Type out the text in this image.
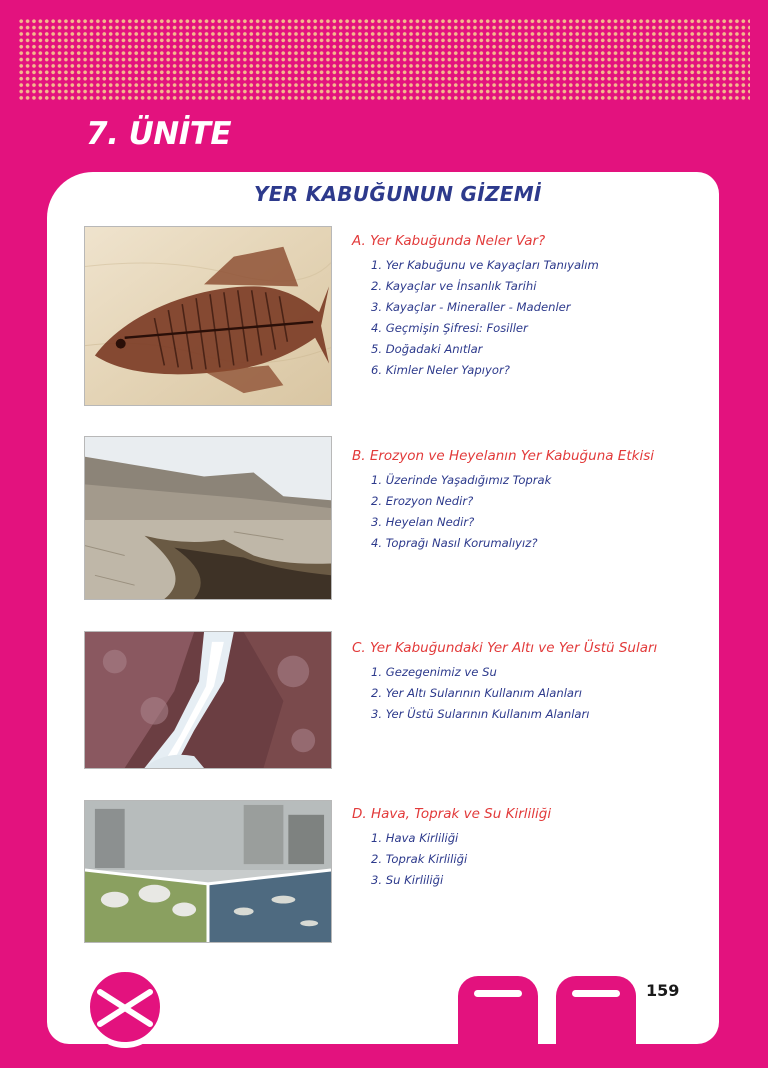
7. ÜNİTE
YER KABUĞUNUN GİZEMİ
A. Yer Kabuğunda Neler Var?
1. Yer Kabuğunu ve Kayaçları Tanıyalım
2. Kayaçlar ve İnsanlık Tarihi
3. Kayaçlar - Mineraller - Madenler
4. Geçmişin Şifresi: Fosiller
5. Doğadaki Anıtlar
6. Kimler Neler Yapıyor?
B. Erozyon ve Heyelanın Yer Kabuğuna Etkisi
1. Üzerinde Yaşadığımız Toprak
2. Erozyon Nedir?
3. Heyelan Nedir?
4. Toprağı Nasıl Korumalıyız?
C. Yer Kabuğundaki Yer Altı ve Yer Üstü Suları
1. Gezegenimiz ve Su
2. Yer Altı Sularının Kullanım Alanları
3. Yer Üstü Sularının Kullanım Alanları
D. Hava, Toprak ve Su Kirliliği
1. Hava Kirliliği
2. Toprak Kirliliği
3. Su Kirliliği

159
